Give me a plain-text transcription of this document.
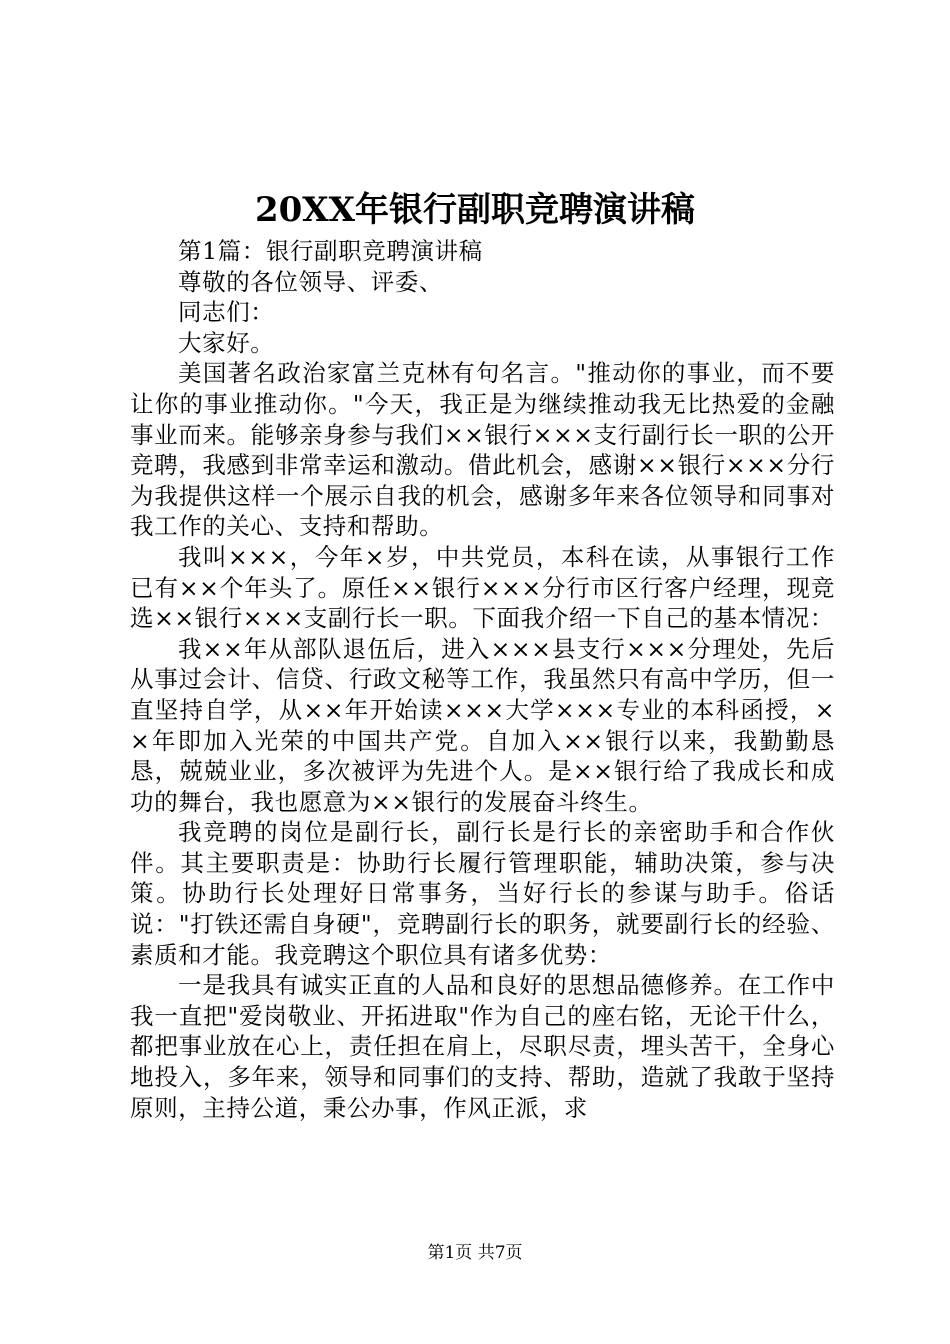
20XX年银行副职竞聘演讲稿

第1篇：银行副职竞聘演讲稿

尊敬的各位领导、评委、

同志们：

大家好。

美国著名政治家富兰克林有句名言。"推动你的事业，而不要让你的事业推动你。"今天，我正是为继续推动我无比热爱的金融事业而来。能够亲身参与我们××银行×××支行副行长一职的公开竞聘，我感到非常幸运和激动。借此机会，感谢××银行×××分行为我提供这样一个展示自我的机会，感谢多年来各位领导和同事对我工作的关心、支持和帮助。

我叫×××，今年×岁，中共党员，本科在读，从事银行工作已有××个年头了。原任××银行×××分行市区行客户经理，现竞选××银行×××支副行长一职。下面我介绍一下自己的基本情况：

我××年从部队退伍后，进入×××县支行×××分理处，先后从事过会计、信贷、行政文秘等工作，我虽然只有高中学历，但一直坚持自学，从××年开始读×××大学×××专业的本科函授，××年即加入光荣的中国共产党。自加入××银行以来，我勤勤恳恳，兢兢业业，多次被评为先进个人。是××银行给了我成长和成功的舞台，我也愿意为××银行的发展奋斗终生。

我竞聘的岗位是副行长，副行长是行长的亲密助手和合作伙伴。其主要职责是：协助行长履行管理职能，辅助决策，参与决策。协助行长处理好日常事务，当好行长的参谋与助手。俗话说："打铁还需自身硬"，竞聘副行长的职务，就要副行长的经验、素质和才能。我竞聘这个职位具有诸多优势：

一是我具有诚实正直的人品和良好的思想品德修养。在工作中我一直把"爱岗敬业、开拓进取"作为自己的座右铭，无论干什么，都把事业放在心上，责任担在肩上，尽职尽责，埋头苦干，全身心地投入，多年来，领导和同事们的支持、帮助，造就了我敢于坚持原则，主持公道，秉公办事，作风正派，求

第1页 共7页
